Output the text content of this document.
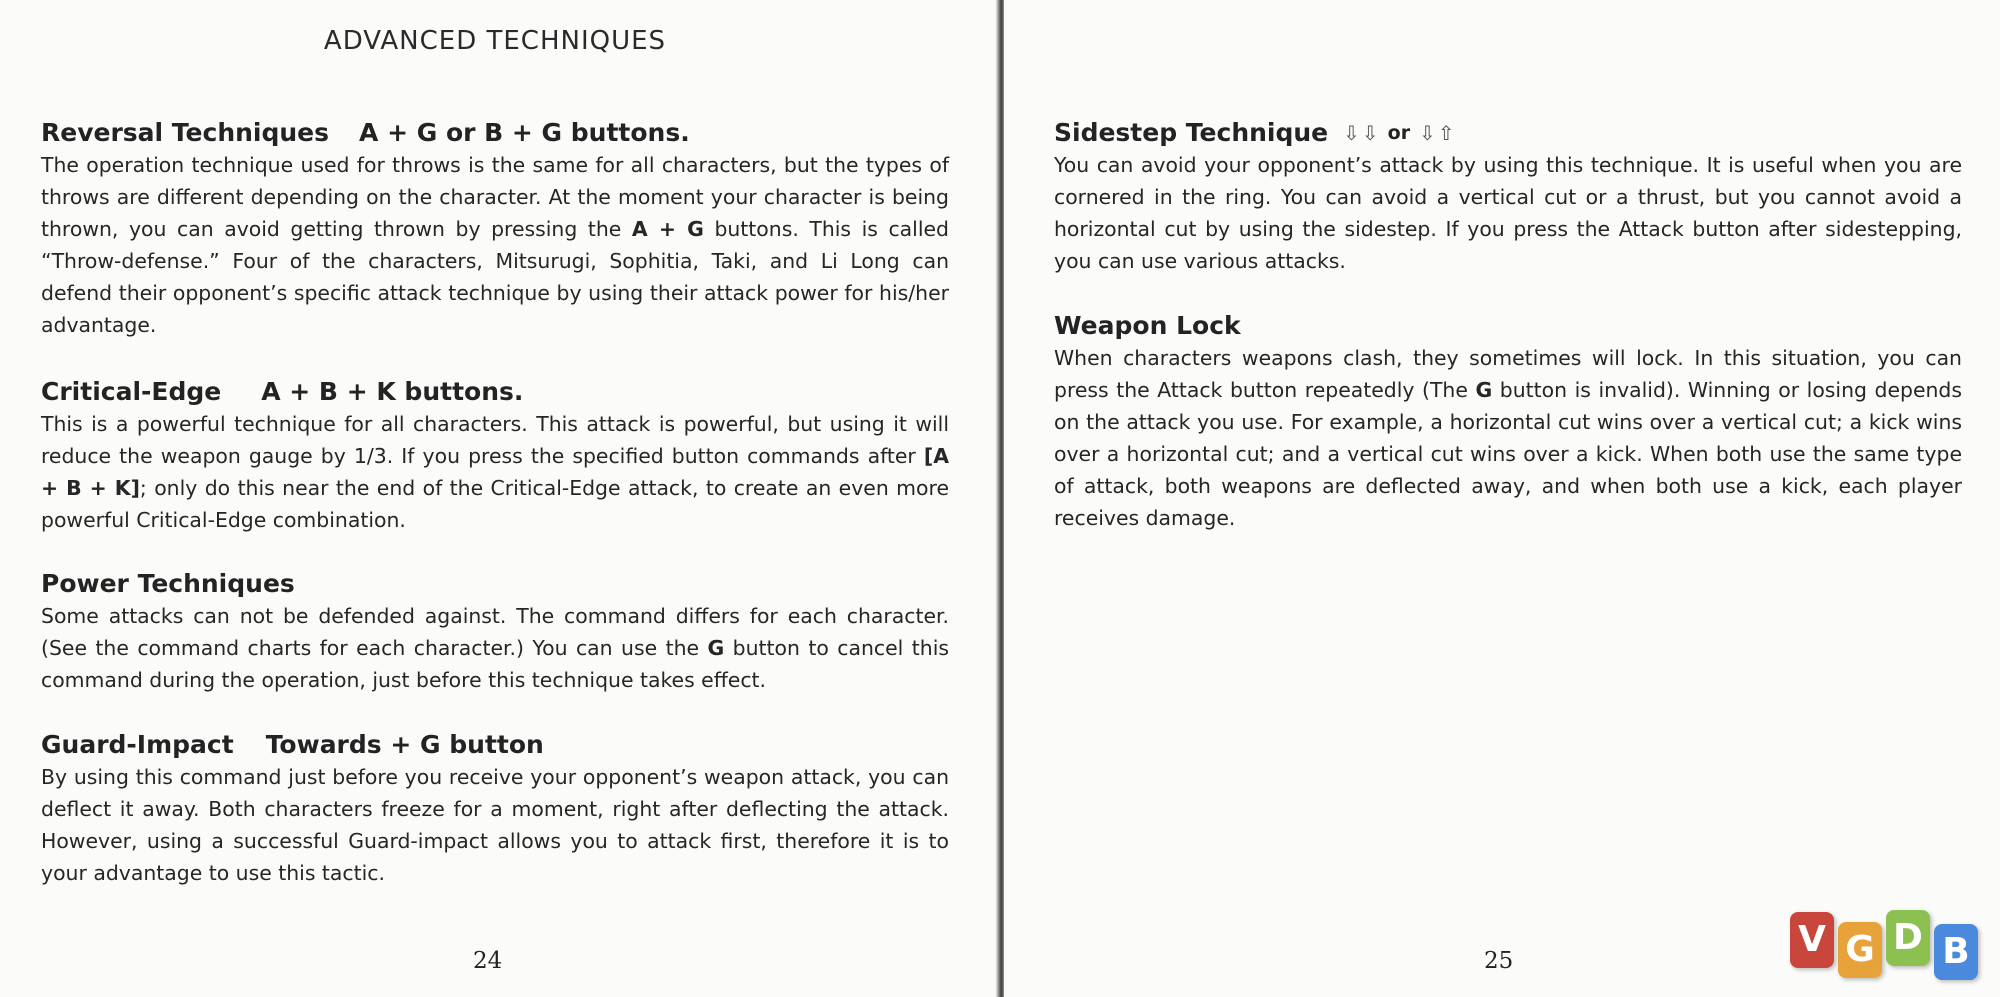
ADVANCED TECHNIQUES
Reversal Techniques A + G or B + G buttons.

The operation technique used for throws is the same for all characters, but the types of throws are different depending on the character. At the moment your character is being thrown, you can avoid getting thrown by pressing the A + G buttons. This is called “Throw-defense.” Four of the characters, Mitsurugi, Sophitia, Taki, and Li Long can defend their opponent’s specific attack technique by using their attack power for his/her advantage.

Critical-Edge A + B + K buttons.

This is a powerful technique for all characters. This attack is powerful, but using it will reduce the weapon gauge by 1/3. If you press the specified button commands after [A + B + K]; only do this near the end of the Critical-Edge attack, to create an even more powerful Critical-Edge combination.

Power Techniques

Some attacks can not be defended against. The command differs for each character. (See the command charts for each character.) You can use the G button to cancel this command during the operation, just before this technique takes effect.

Guard-Impact Towards + G button

By using this command just before you receive your opponent’s weapon attack, you can deflect it away. Both characters freeze for a moment, right after deflecting the attack. However, using a successful Guard-impact allows you to attack first, therefore it is to your advantage to use this tactic.

24
Sidestep Technique ⇩ ⇩ or ⇩ ⇧

You can avoid your opponent’s attack by using this technique. It is useful when you are cornered in the ring. You can avoid a vertical cut or a thrust, but you cannot avoid a horizontal cut by using the sidestep. If you press the Attack button after sidestepping, you can use various attacks.

Weapon Lock

When characters weapons clash, they sometimes will lock. In this situation, you can press the Attack button repeatedly (The G button is invalid). Winning or losing depends on the attack you use. For example, a horizontal cut wins over a vertical cut; a kick wins over a horizontal cut; and a vertical cut wins over a kick. When both use the same type of attack, both weapons are deflected away, and when both use a kick, each player receives damage.

25
V G D B
